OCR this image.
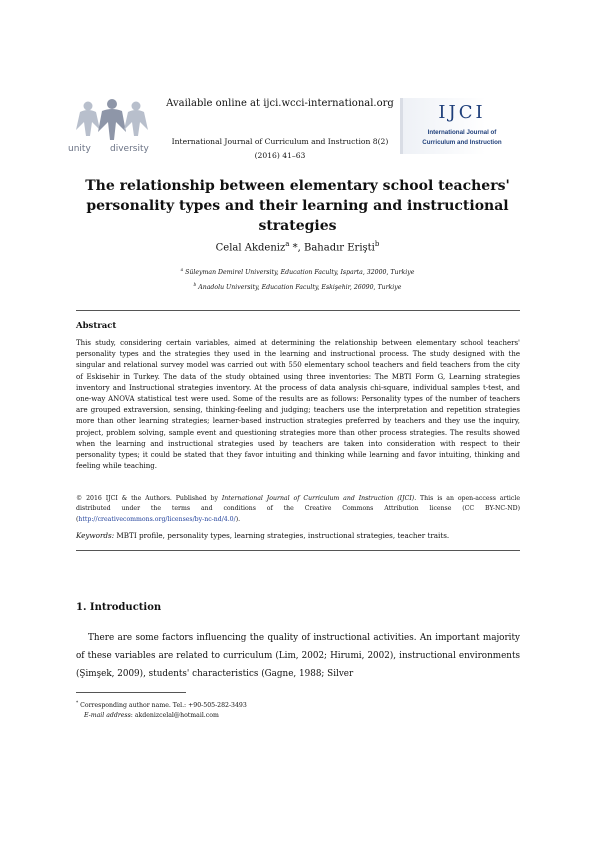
unity diversity
Available online at ijci.wcci-international.org
International Journal of Curriculum and Instruction 8(2)
(2016) 41–63
IJCI
International Journal of
Curriculum and Instruction
The relationship between elementary school teachers' personality types and their learning and instructional strategies
Celal Akdeniz$^a$ *, Bahadır Erişti$^b$
$^a$ Süleyman Demirel University, Education Faculty, Isparta, 32000, Turkiye
$^b$ Anadolu University, Education Faculty, Eskişehir, 26090, Turkiye
Abstract
This study, considering certain variables, aimed at determining the relationship between elementary school teachers' personality types and the strategies they used in the learning and instructional process. The study designed with the singular and relational survey model was carried out with 550 elementary school teachers and field teachers from the city of Eskisehir in Turkey. The data of the study obtained using three inventories: The MBTI Form G, Learning strategies inventory and Instructional strategies inventory. At the process of data analysis chi-square, individual samples t-test, and one-way ANOVA statistical test were used. Some of the results are as follows: Personality types of the number of teachers are grouped extraversion, sensing, thinking-feeling and judging; teachers use the interpretation and repetition strategies more than other learning strategies; learner-based instruction strategies preferred by teachers and they use the inquiry, project, problem solving, sample event and questioning strategies more than other process strategies. The results showed when the learning and instructional strategies used by teachers are taken into consideration with respect to their personality types; it could be stated that they favor intuiting and thinking while learning and favor intuiting, thinking and feeling while teaching.
© 2016 IJCI & the Authors. Published by International Journal of Curriculum and Instruction (IJCI). This is an open-access article distributed under the terms and conditions of the Creative Commons Attribution license (CC BY-NC-ND) (http://creativecommons.org/licenses/by-nc-nd/4.0/).
Keywords: MBTI profile, personality types, learning strategies, instructional strategies, teacher traits.
1. Introduction
There are some factors influencing the quality of instructional activities. An important majority of these variables are related to curriculum (Lim, 2002; Hirumi, 2002), instructional environments (Şimşek, 2009), students' characteristics (Gagne, 1988; Silver
* Corresponding author name. Tel.: +90-505-282-3493
E-mail address: akdenizcelal@hotmail.com
